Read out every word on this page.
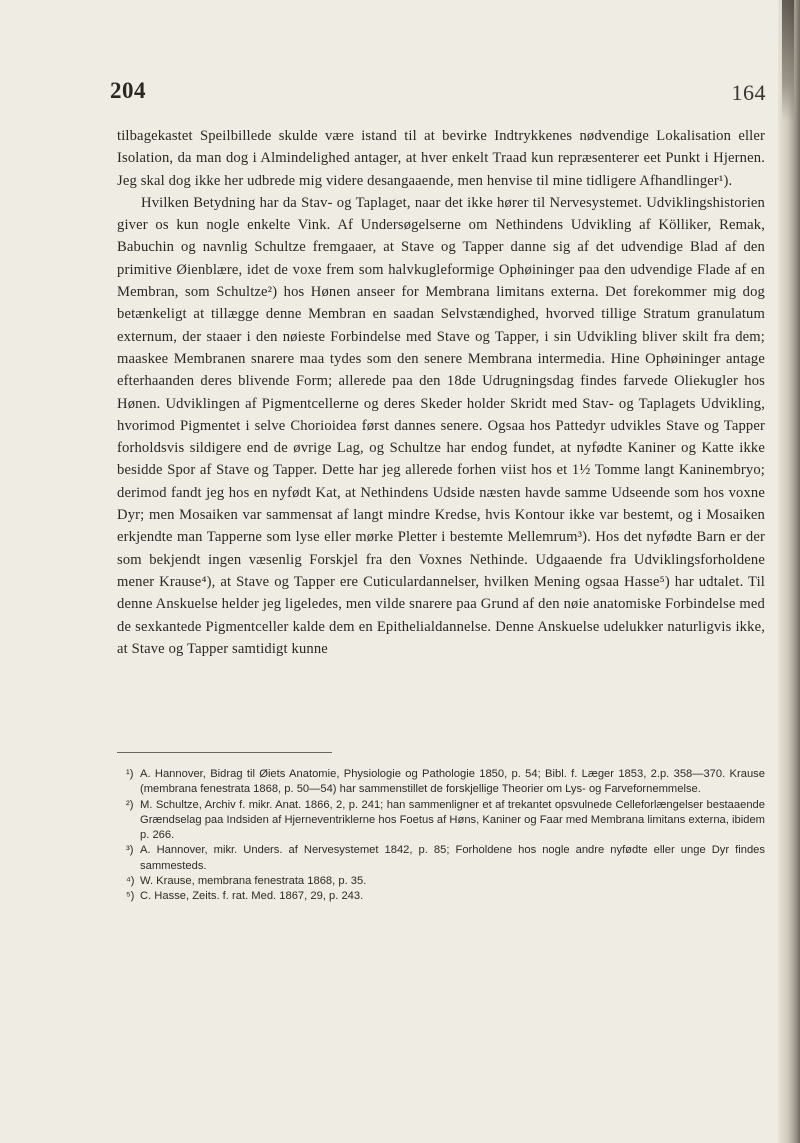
204	164

tilbagekastet Speilbillede skulde være istand til at bevirke Indtrykkenes nødvendige Lokalisation eller Isolation, da man dog i Almindelighed antager, at hver enkelt Traad kun repræsenterer eet Punkt i Hjernen. Jeg skal dog ikke her udbrede mig videre desangaaende, men henvise til mine tidligere Afhandlinger¹).

Hvilken Betydning har da Stav- og Taplaget, naar det ikke hører til Nervesystemet. Udviklingshistorien giver os kun nogle enkelte Vink. Af Undersøgelserne om Nethindens Udvikling af Kölliker, Remak, Babuchin og navnlig Schultze fremgaaer, at Stave og Tapper danne sig af det udvendige Blad af den primitive Øienblære, idet de voxe frem som halvkugleformige Ophøininger paa den udvendige Flade af en Membran, som Schultze²) hos Hønen anseer for Membrana limitans externa. Det forekommer mig dog betænkeligt at tillægge denne Membran en saadan Selvstændighed, hvorved tillige Stratum granulatum externum, der staaer i den nøieste Forbindelse med Stave og Tapper, i sin Udvikling bliver skilt fra dem; maaskee Membranen snarere maa tydes som den senere Membrana intermedia. Hine Ophøininger antage efterhaanden deres blivende Form; allerede paa den 18de Udrugningsdag findes farvede Oliekugler hos Hønen. Udviklingen af Pigmentcellerne og deres Skeder holder Skridt med Stav- og Taplagets Udvikling, hvorimod Pigmentet i selve Chorioidea først dannes senere. Ogsaa hos Pattedyr udvikles Stave og Tapper forholdsvis sildigere end de øvrige Lag, og Schultze har endog fundet, at nyfødte Kaniner og Katte ikke besidde Spor af Stave og Tapper. Dette har jeg allerede forhen viist hos et 1½ Tomme langt Kaninembryo; derimod fandt jeg hos en nyfødt Kat, at Nethindens Udside næsten havde samme Udseende som hos voxne Dyr; men Mosaiken var sammensat af langt mindre Kredse, hvis Kontour ikke var bestemt, og i Mosaiken erkjendte man Tapperne som lyse eller mørke Pletter i bestemte Mellemrum³). Hos det nyfødte Barn er der som bekjendt ingen væsenlig Forskjel fra den Voxnes Nethinde. Udgaaende fra Udviklingsforholdene mener Krause⁴), at Stave og Tapper ere Cuticulardannelser, hvilken Mening ogsaa Hasse⁵) har udtalet. Til denne Anskuelse helder jeg ligeledes, men vilde snarere paa Grund af den nøie anatomiske Forbindelse med de sexkantede Pigmentceller kalde dem en Epithelialdannelse. Denne Anskuelse udelukker naturligvis ikke, at Stave og Tapper samtidigt kunne

¹) A. Hannover, Bidrag til Øiets Anatomie, Physiologie og Pathologie 1850, p. 54; Bibl. f. Læger 1853, 2.p. 358—370. Krause (membrana fenestrata 1868, p. 50—54) har sammenstillet de forskjellige Theorier om Lys- og Farvefornemmelse.

²) M. Schultze, Archiv f. mikr. Anat. 1866, 2, p. 241; han sammenligner et af trekantet opsvulnede Celleforlængelser bestaaende Grændselag paa Indsiden af Hjerneventriklerne hos Foetus af Høns, Kaniner og Faar med Membrana limitans externa, ibidem p. 266.

³) A. Hannover, mikr. Unders. af Nervesystemet 1842, p. 85; Forholdene hos nogle andre nyfødte eller unge Dyr findes sammesteds.

⁴) W. Krause, membrana fenestrata 1868, p. 35.

⁵) C. Hasse, Zeits. f. rat. Med. 1867, 29, p. 243.
